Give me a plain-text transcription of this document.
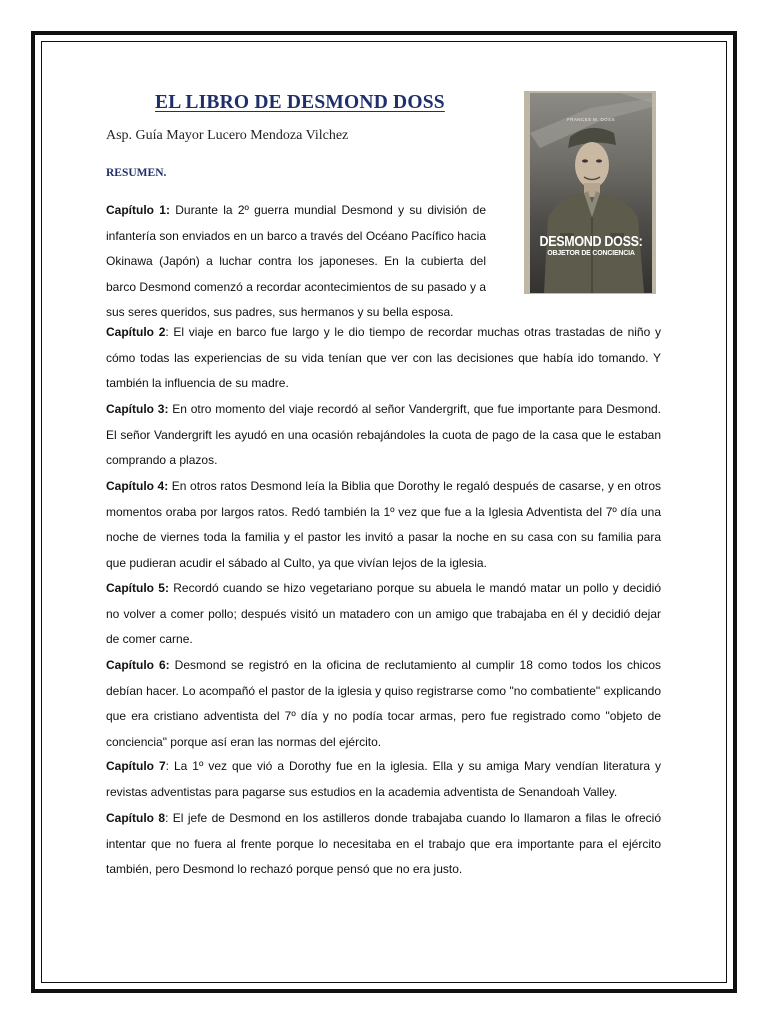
EL LIBRO DE DESMOND DOSS
Asp. Guía Mayor Lucero Mendoza Vilchez
RESUMEN.
FRANCES M. DOSS
DESMOND DOSS:
OBJETOR DE CONCIENCIA

Capítulo 1: Durante la 2º guerra mundial Desmond y su división de infantería son enviados en un barco a través del Océano Pacífico hacia Okinawa (Japón) a luchar contra los japoneses. En la cubierta del barco Desmond comenzó a recordar acontecimientos de su pasado y a sus seres queridos, sus padres, sus hermanos y su bella esposa.

Capítulo 2: El viaje en barco fue largo y le dio tiempo de recordar muchas otras trastadas de niño y cómo todas las experiencias de su vida tenían que ver con las decisiones que había ido tomando. Y también la influencia de su madre.

Capítulo 3: En otro momento del viaje recordó al señor Vandergrift, que fue importante para Desmond. El señor Vandergrift les ayudó en una ocasión rebajándoles la cuota de pago de la casa que le estaban comprando a plazos.

Capítulo 4: En otros ratos Desmond leía la Biblia que Dorothy le regaló después de casarse, y en otros momentos oraba por largos ratos. Redó también la 1º vez que fue a la Iglesia Adventista del 7º día una noche de viernes toda la familia y el pastor les invitó a pasar la noche en su casa con su familia para que pudieran acudir el sábado al Culto, ya que vivían lejos de la iglesia.

Capítulo 5: Recordó cuando se hizo vegetariano porque su abuela le mandó matar un pollo y decidió no volver a comer pollo; después visitó un matadero con un amigo que trabajaba en él y decidió dejar de comer carne.

Capítulo 6: Desmond se registró en la oficina de reclutamiento al cumplir 18 como todos los chicos debían hacer. Lo acompañó el pastor de la iglesia y quiso registrarse como "no combatiente" explicando que era cristiano adventista del 7º día y no podía tocar armas, pero fue registrado como "objeto de conciencia" porque así eran las normas del ejército.

Capítulo 7: La 1º vez que vió a Dorothy fue en la iglesia. Ella y su amiga Mary vendían literatura y revistas adventistas para pagarse sus estudios en la academia adventista de Senandoah Valley.

Capítulo 8: El jefe de Desmond en los astilleros donde trabajaba cuando lo llamaron a filas le ofreció intentar que no fuera al frente porque lo necesitaba en el trabajo que era importante para el ejército también, pero Desmond lo rechazó porque pensó que no era justo.
